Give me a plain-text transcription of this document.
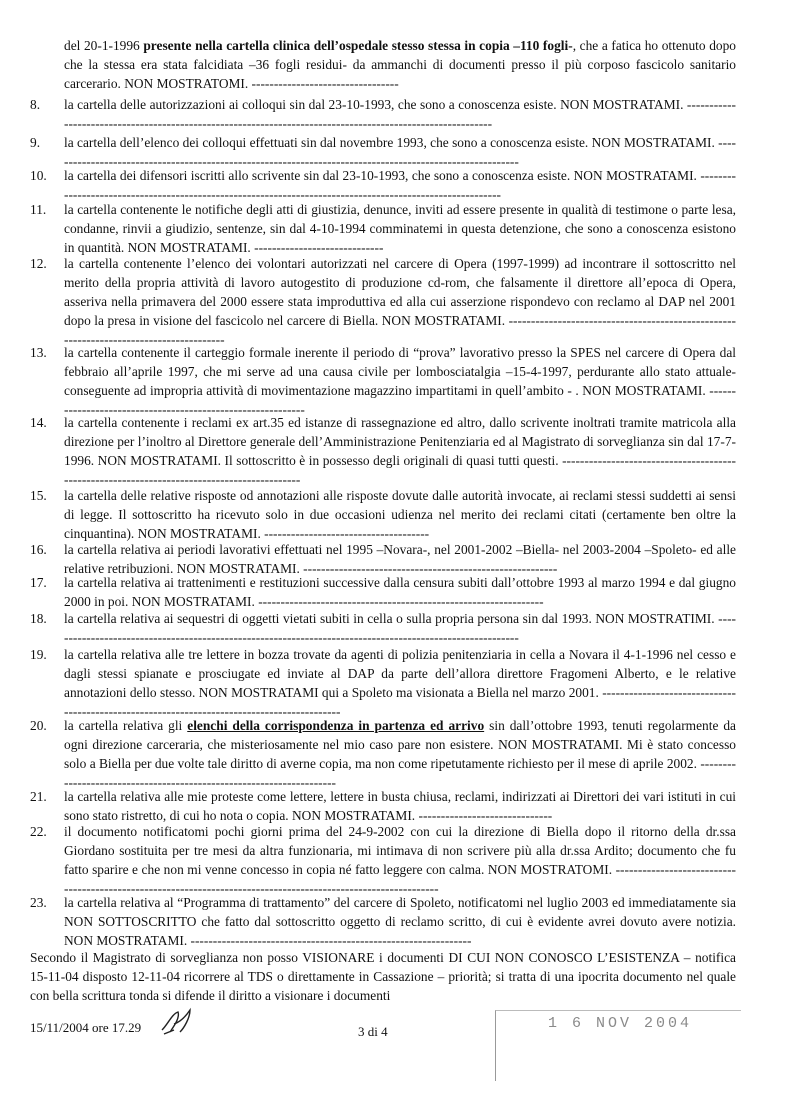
del 20-1-1996 presente nella cartella clinica dell’ospedale stesso stessa in copia –110 fogli-, che a fatica ho ottenuto dopo che la stessa era stata falcidiata –36 fogli residui- da ammanchi di documenti presso il più corposo fascicolo sanitario carcerario. NON MOSTRATOMI. ---------------------------------
8.	la cartella delle autorizzazioni ai colloqui sin dal 23-10-1993, che sono a conoscenza esiste. NON MOSTRATAMI. -----------------------------------------------------------------------------------------------------------
9.	la cartella dell’elenco dei colloqui effettuati sin dal novembre 1993, che sono a conoscenza esiste. NON MOSTRATAMI. ----------------------------------------------------------------------------------------------------------
10.	la cartella dei difensori iscritti allo scrivente sin dal 23-10-1993, che sono a conoscenza esiste. NON MOSTRATAMI. ----------------------------------------------------------------------------------------------------------
11.	la cartella contenente le notifiche degli atti di giustizia, denunce, inviti ad essere presente in qualità di testimone o parte lesa, condanne, rinvii a giudizio, sentenze, sin dal 4-10-1994 comminatemi in questa detenzione, che sono a conoscenza esistono in quantità. NON MOSTRATAMI. -----------------------------
12.	la cartella contenente l’elenco dei volontari autorizzati nel carcere di Opera (1997-1999) ad incontrare il sottoscritto nel merito della propria attività di lavoro autogestito di produzione cd-rom, che falsamente il direttore all’epoca di Opera, asseriva nella primavera del 2000 essere stata improduttiva ed alla cui asserzione rispondevo con reclamo al DAP nel 2001 dopo la presa in visione del fascicolo nel carcere di Biella. NON MOSTRATAMI. ---------------------------------------------------------------------------------------
13.	la cartella contenente il carteggio formale inerente il periodo di “prova” lavorativo presso la SPES nel carcere di Opera dal febbraio all’aprile 1997, che mi serve ad una causa civile per lombosciatalgia –15-4-1997, perdurante allo stato attuale- conseguente ad impropria attività di movimentazione magazzino impartitami in quell’ambito - . NON MOSTRATAMI. ------------------------------------------------------------
14.	la cartella contenente i reclami ex art.35 ed istanze di rassegnazione ed altro, dallo scrivente inoltrati tramite matricola alla direzione per l’inoltro al Direttore generale dell’Amministrazione Penitenziaria ed al Magistrato di sorveglianza sin dal 17-7-1996. NON MOSTRATAMI. Il sottoscritto è in possesso degli originali di quasi tutti questi. --------------------------------------------------------------------------------------------
15.	la cartella delle relative risposte od annotazioni alle risposte dovute dalle autorità invocate, ai reclami stessi suddetti ai sensi di legge. Il sottoscritto ha ricevuto solo in due occasioni udienza nel merito dei reclami citati (certamente ben oltre la cinquantina). NON MOSTRATAMI. -------------------------------------
16.	la cartella relativa ai periodi lavorativi effettuati nel 1995 –Novara-, nel 2001-2002 –Biella- nel 2003-2004 –Spoleto- ed alle relative retribuzioni. NON MOSTRATAMI. ---------------------------------------------------------
17.	la cartella relativa ai trattenimenti e restituzioni successive dalla censura subiti dall’ottobre 1993 al marzo 1994 e dal giugno 2000 in poi. NON MOSTRATAMI. ----------------------------------------------------------------
18.	la cartella relativa ai sequestri di oggetti vietati subiti in cella o sulla propria persona sin dal 1993. NON MOSTRATIMI. ----------------------------------------------------------------------------------------------------------
19.	la cartella relativa alle tre lettere in bozza trovate da agenti di polizia penitenziaria in cella a Novara il 4-1-1996 nel cesso e dagli stessi spianate e prosciugate ed inviate al DAP da parte dell’allora direttore Fragomeni Alberto, e le relative annotazioni dello stesso. NON MOSTRATAMI qui a Spoleto ma visionata a Biella nel marzo 2001. --------------------------------------------------------------------------------------------
20.	la cartella relativa gli elenchi della corrispondenza in partenza ed arrivo sin dall’ottobre 1993, tenuti regolarmente da ogni direzione carceraria, che misteriosamente nel mio caso pare non esistere. NON MOSTRATAMI. Mi è stato concesso solo a Biella per due volte tale diritto di averne copia, ma non come ripetutamente richiesto per il mese di aprile 2002. ---------------------------------------------------------------------
21.	la cartella relativa alle mie proteste come lettere, lettere in busta chiusa, reclami, indirizzati ai Direttori dei vari istituti in cui sono stato ristretto, di cui ho nota o copia. NON MOSTRATAMI. ------------------------------
22.	il documento notificatomi pochi giorni prima del 24-9-2002 con cui la direzione di Biella dopo il ritorno della dr.ssa Giordano sostituita per tre mesi da altra funzionaria, mi intimava di non scrivere più alla dr.ssa Ardito; documento che fu fatto sparire e che non mi venne concesso in copia né fatto leggere con calma. NON MOSTRATOMI. ---------------------------------------------------------------------------------------------------------------
23.	la cartella relativa al “Programma di trattamento” del carcere di Spoleto, notificatomi nel luglio 2003 ed immediatamente sia NON SOTTOSCRITTO che fatto dal sottoscritto oggetto di reclamo scritto, di cui è evidente avrei dovuto avere notizia. NON MOSTRATAMI. ---------------------------------------------------------------
Secondo il Magistrato di sorveglianza non posso VISIONARE i documenti DI CUI NON CONOSCO L’ESISTENZA – notifica 15-11-04 disposto 12-11-04 ricorrere al TDS o direttamente in Cassazione – priorità; si tratta di una ipocrita documento nel quale con bella scrittura tonda si difende il diritto a visionare i documenti
15/11/2004 ore 17.29	3 di 4	1 6 NOV 2004
